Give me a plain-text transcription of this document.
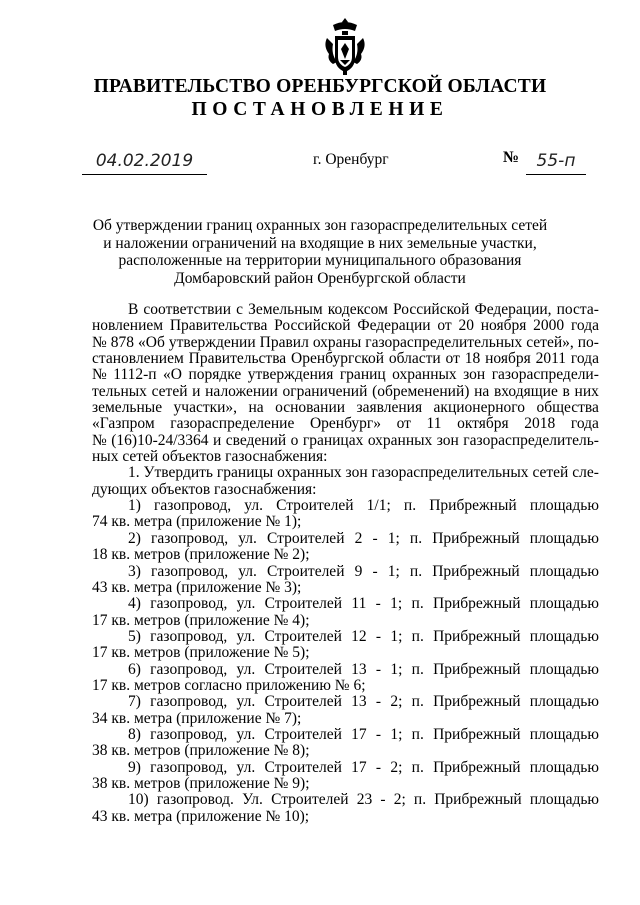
ПРАВИТЕЛЬСТВО ОРЕНБУРГСКОЙ ОБЛАСТИ
ПОСТАНОВЛЕНИЕ
04.02.2019	г. Оренбург	№	55-п
Об утверждении границ охранных зон газораспределительных сетей
и наложении ограничений на входящие в них земельные участки,
расположенные на территории муниципального образования
Домбаровский район Оренбургской области
В соответствии с Земельным кодексом Российской Федерации, поста-
новлением Правительства Российской Федерации от 20 ноября 2000 года
№ 878 «Об утверждении Правил охраны газораспределительных сетей», по-
становлением Правительства Оренбургской области от 18 ноября 2011 года
№ 1112-п «О порядке утверждения границ охранных зон газораспредели-
тельных сетей и наложении ограничений (обременений) на входящие в них
земельные участки», на основании заявления акционерного общества
«Газпром газораспределение Оренбург» от 11 октября 2018 года
№ (16)10-24/3364 и сведений о границах охранных зон газораспределитель-
ных сетей объектов газоснабжения:
1. Утвердить границы охранных зон газораспределительных сетей сле-
дующих объектов газоснабжения:
1) газопровод, ул. Строителей 1/1; п. Прибрежный площадью
74 кв. метра (приложение № 1);
2) газопровод, ул. Строителей 2 - 1; п. Прибрежный площадью
18 кв. метров (приложение № 2);
3) газопровод, ул. Строителей 9 - 1; п. Прибрежный площадью
43 кв. метра (приложение № 3);
4) газопровод, ул. Строителей 11 - 1; п. Прибрежный площадью
17 кв. метров (приложение № 4);
5) газопровод, ул. Строителей 12 - 1; п. Прибрежный площадью
17 кв. метров (приложение № 5);
6) газопровод, ул. Строителей 13 - 1; п. Прибрежный площадью
17 кв. метров согласно приложению № 6;
7) газопровод, ул. Строителей 13 - 2; п. Прибрежный площадью
34 кв. метра (приложение № 7);
8) газопровод, ул. Строителей 17 - 1; п. Прибрежный площадью
38 кв. метров (приложение № 8);
9) газопровод, ул. Строителей 17 - 2; п. Прибрежный площадью
38 кв. метров (приложение № 9);
10) газопровод. Ул. Строителей 23 - 2; п. Прибрежный площадью
43 кв. метра (приложение № 10);
